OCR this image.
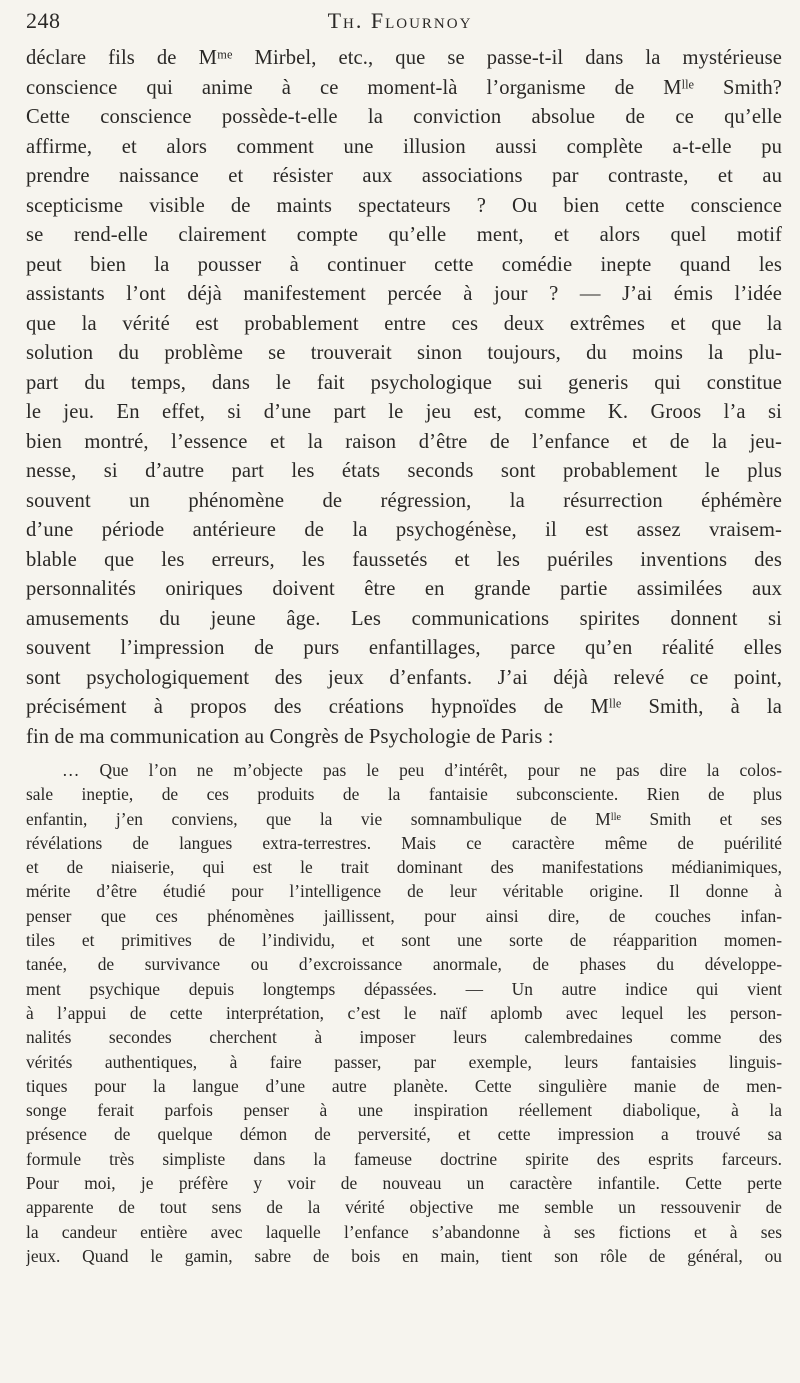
248	Th. Flournoy

déclare fils de Mᵐᵉ Mirbel, etc., que se passe-t-il dans la mystérieuse
conscience qui anime à ce moment-là l’organisme de Mˡˡᵉ Smith?
Cette conscience possède-t-elle la conviction absolue de ce qu’elle
affirme, et alors comment une illusion aussi complète a-t-elle pu
prendre naissance et résister aux associations par contraste, et au
scepticisme visible de maints spectateurs ? Ou bien cette conscience
se rend-elle clairement compte qu’elle ment, et alors quel motif
peut bien la pousser à continuer cette comédie inepte quand les
assistants l’ont déjà manifestement percée à jour ? — J’ai émis l’idée
que la vérité est probablement entre ces deux extrêmes et que la
solution du problème se trouverait sinon toujours, du moins la plu-
part du temps, dans le fait psychologique sui generis qui constitue
le jeu. En effet, si d’une part le jeu est, comme K. Groos l’a si
bien montré, l’essence et la raison d’être de l’enfance et de la jeu-
nesse, si d’autre part les états seconds sont probablement le plus
souvent un phénomène de régression, la résurrection éphémère
d’une période antérieure de la psychogénèse, il est assez vraisem-
blable que les erreurs, les faussetés et les puériles inventions des
personnalités oniriques doivent être en grande partie assimilées aux
amusements du jeune âge. Les communications spirites donnent si
souvent l’impression de purs enfantillages, parce qu’en réalité elles
sont psychologiquement des jeux d’enfants. J’ai déjà relevé ce point,
précisément à propos des créations hypnoïdes de Mˡˡᵉ Smith, à la
fin de ma communication au Congrès de Psychologie de Paris :

… Que l’on ne m’objecte pas le peu d’intérêt, pour ne pas dire la colos-
sale ineptie, de ces produits de la fantaisie subconsciente. Rien de plus
enfantin, j’en conviens, que la vie somnambulique de Mˡˡᵉ Smith et ses
révélations de langues extra-terrestres. Mais ce caractère même de puérilité
et de niaiserie, qui est le trait dominant des manifestations médianimiques,
mérite d’être étudié pour l’intelligence de leur véritable origine. Il donne à
penser que ces phénomènes jaillissent, pour ainsi dire, de couches infan-
tiles et primitives de l’individu, et sont une sorte de réapparition momen-
tanée, de survivance ou d’excroissance anormale, de phases du développe-
ment psychique depuis longtemps dépassées. — Un autre indice qui vient
à l’appui de cette interprétation, c’est le naïf aplomb avec lequel les person-
nalités secondes cherchent à imposer leurs calembredaines comme des
vérités authentiques, à faire passer, par exemple, leurs fantaisies linguis-
tiques pour la langue d’une autre planète. Cette singulière manie de men-
songe ferait parfois penser à une inspiration réellement diabolique, à la
présence de quelque démon de perversité, et cette impression a trouvé sa
formule très simpliste dans la fameuse doctrine spirite des esprits farceurs.
Pour moi, je préfère y voir de nouveau un caractère infantile. Cette perte
apparente de tout sens de la vérité objective me semble un ressouvenir de
la candeur entière avec laquelle l’enfance s’abandonne à ses fictions et à ses
jeux. Quand le gamin, sabre de bois en main, tient son rôle de général, ou
